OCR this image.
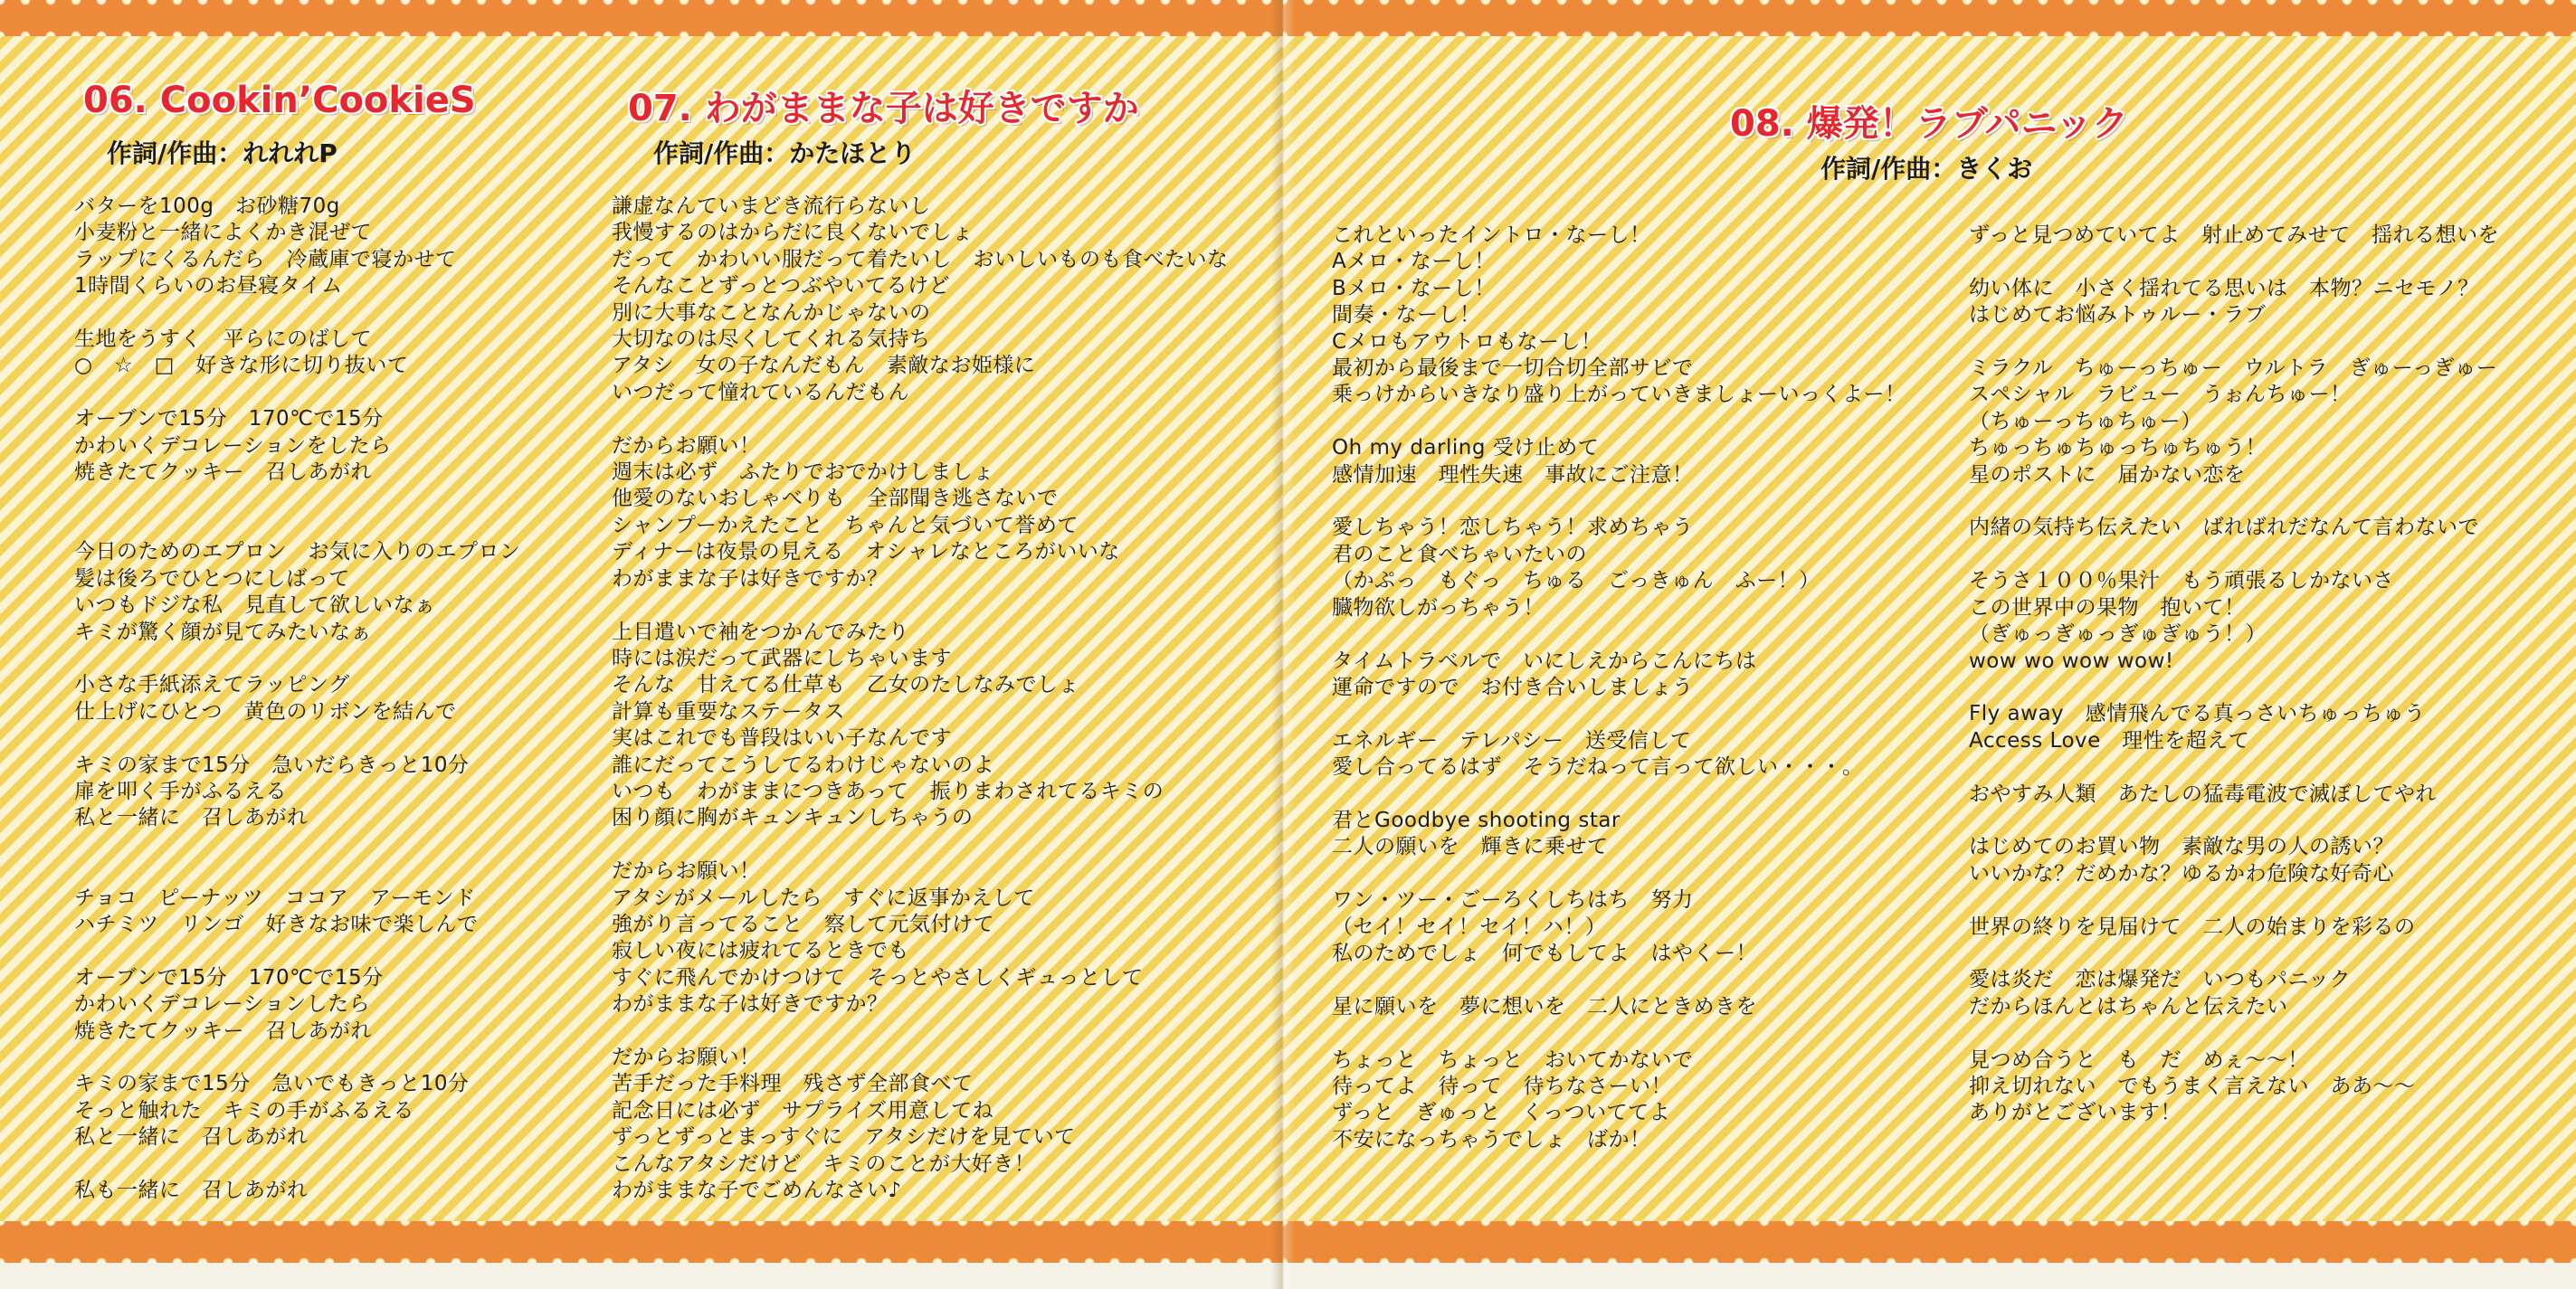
06. Cookin’CookieS
作詞/作曲：れれれP
バターを100g　お砂糖70g
小麦粉と一緒によくかき混ぜて
ラップにくるんだら　冷蔵庫で寝かせて
1時間くらいのお昼寝タイム

生地をうすく　平らにのばして
○　☆　□　好きな形に切り抜いて

オーブンで15分　170℃で15分
かわいくデコレーションをしたら
焼きたてクッキー　召しあがれ

今日のためのエプロン　お気に入りのエプロン
髪は後ろでひとつにしばって
いつもドジな私　見直して欲しいなぁ
キミが驚く顔が見てみたいなぁ

小さな手紙添えてラッピング
仕上げにひとつ　黄色のリボンを結んで

キミの家まで15分　急いだらきっと10分
扉を叩く手がふるえる
私と一緒に　召しあがれ

チョコ　ピーナッツ　ココア　アーモンド
ハチミツ　リンゴ　好きなお味で楽しんで

オーブンで15分　170℃で15分
かわいくデコレーションしたら
焼きたてクッキー　召しあがれ

キミの家まで15分　急いでもきっと10分
そっと触れた　キミの手がふるえる
私と一緒に　召しあがれ

私も一緒に　召しあがれ
07. わがままな子は好きですか
作詞/作曲：かたほとり
謙虚なんていまどき流行らないし
我慢するのはからだに良くないでしょ
だって　かわいい服だって着たいし　おいしいものも食べたいな
そんなことずっとつぶやいてるけど
別に大事なことなんかじゃないの
大切なのは尽くしてくれる気持ち
アタシ　女の子なんだもん　素敵なお姫様に
いつだって憧れているんだもん

だからお願い！
週末は必ず　ふたりでおでかけしましょ
他愛のないおしゃべりも　全部聞き逃さないで
シャンプーかえたこと　ちゃんと気づいて誉めて
ディナーは夜景の見える　オシャレなところがいいな
わがままな子は好きですか？

上目遣いで袖をつかんでみたり
時には涙だって武器にしちゃいます
そんな　甘えてる仕草も　乙女のたしなみでしょ
計算も重要なステータス
実はこれでも普段はいい子なんです
誰にだってこうしてるわけじゃないのよ
いつも　わがままにつきあって　振りまわされてるキミの
困り顔に胸がキュンキュンしちゃうの

だからお願い！
アタシがメールしたら　すぐに返事かえして
強がり言ってること　察して元気付けて
寂しい夜には疲れてるときでも
すぐに飛んでかけつけて　そっとやさしくギュっとして
わがままな子は好きですか？

だからお願い！
苦手だった手料理　残さず全部食べて
記念日には必ず　サプライズ用意してね
ずっとずっとまっすぐに　アタシだけを見ていて
こんなアタシだけど　キミのことが大好き！
わがままな子でごめんなさい♪
08. 爆発！ラブパニック
作詞/作曲：きくお
これといったイントロ・なーし！
Aメロ・なーし！
Bメロ・なーし！
間奏・なーし！
Cメロもアウトロもなーし！
最初から最後まで一切合切全部サビで
乗っけからいきなり盛り上がっていきましょーいっくよー！

Oh my darling 受け止めて
感情加速　理性失速　事故にご注意！

愛しちゃう！恋しちゃう！求めちゃう
君のこと食べちゃいたいの
（かぷっ　もぐっ　ちゅる　ごっきゅん　ふー！）
臓物欲しがっちゃう！

タイムトラベルで　いにしえからこんにちは
運命ですので　お付き合いしましょう

エネルギー　テレパシー　送受信して
愛し合ってるはず　そうだねって言って欲しい・・・。

君とGoodbye shooting star
二人の願いを　輝きに乗せて

ワン・ツー・ごーろくしちはち　努力
（セイ！セイ！セイ！ハ！）
私のためでしょ　何でもしてよ　はやくー！

星に願いを　夢に想いを　二人にときめきを

ちょっと　ちょっと　おいてかないで
待ってよ　待って　待ちなさーい！
ずっと　ぎゅっと　くっついててよ
不安になっちゃうでしょ　ばか！
ずっと見つめていてよ　射止めてみせて　揺れる想いを

幼い体に　小さく揺れてる思いは　本物？ニセモノ？
はじめてお悩みトゥルー・ラブ

ミラクル　ちゅーっちゅー　ウルトラ　ぎゅーっぎゅー
スペシャル　ラビュー　うぉんちゅー！
（ちゅーっちゅちゅー）
ちゅっちゅちゅっちゅちゅう！
星のポストに　届かない恋を

内緒の気持ち伝えたい　ばればれだなんて言わないで

そうさ１００％果汁　もう頑張るしかないさ
この世界中の果物　抱いて！
（ぎゅっぎゅっぎゅぎゅう！）
wow wo wow wow!

Fly away　感情飛んでる真っさいちゅっちゅう
Access Love　理性を超えて

おやすみ人類　あたしの猛毒電波で滅ぼしてやれ

はじめてのお買い物　素敵な男の人の誘い？
いいかな？だめかな？ゆるかわ危険な好奇心

世界の終りを見届けて　二人の始まりを彩るの

愛は炎だ　恋は爆発だ　いつもパニック
だからほんとはちゃんと伝えたい

見つめ合うと　も　だ　めぇ～～！
抑え切れない　でもうまく言えない　ああ～～
ありがとございます！
